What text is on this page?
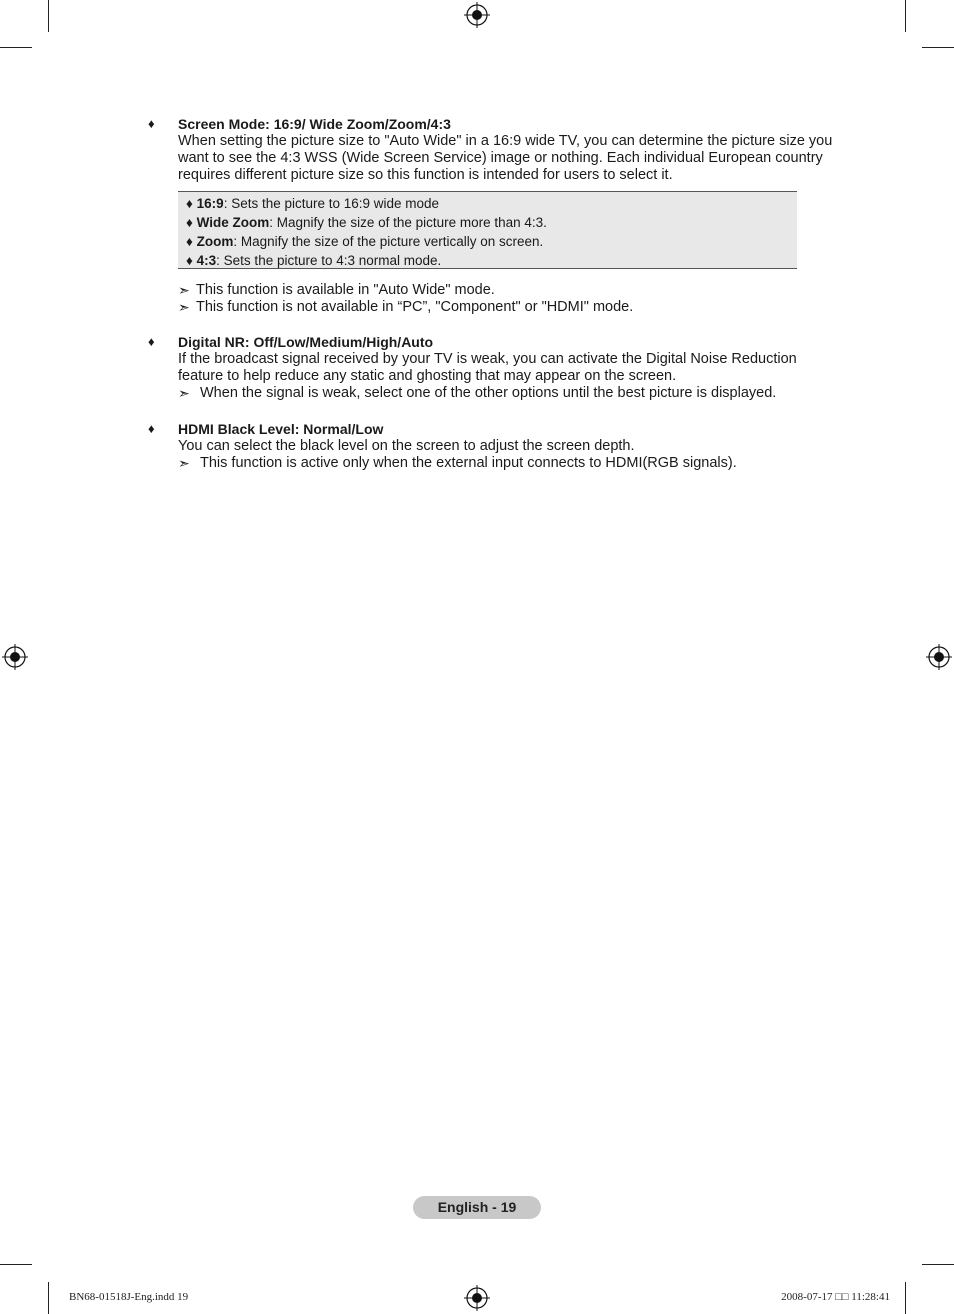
♦ Screen Mode: 16:9/ Wide Zoom/Zoom/4:3
When setting the picture size to "Auto Wide" in a 16:9 wide TV, you can determine the picture size you want to see the 4:3 WSS (Wide Screen Service) image or nothing. Each individual European country requires different picture size so this function is intended for users to select it.
♦ 16:9: Sets the picture to 16:9 wide mode
♦ Wide Zoom: Magnify the size of the picture more than 4:3.
♦ Zoom: Magnify the size of the picture vertically on screen.
♦ 4:3: Sets the picture to 4:3 normal mode.
➣ This function is available in "Auto Wide" mode.
➣ This function is not available in “PC”, "Component" or "HDMI" mode.
♦ Digital NR: Off/Low/Medium/High/Auto
If the broadcast signal received by your TV is weak, you can activate the Digital Noise Reduction feature to help reduce any static and ghosting that may appear on the screen.
➣ When the signal is weak, select one of the other options until the best picture is displayed.
♦ HDMI Black Level: Normal/Low
You can select the black level on the screen to adjust the screen depth.
➣ This function is active only when the external input connects to HDMI(RGB signals).
English - 19
BN68-01518J-Eng.indd 19	2008-07-17 □□ 11:28:41
